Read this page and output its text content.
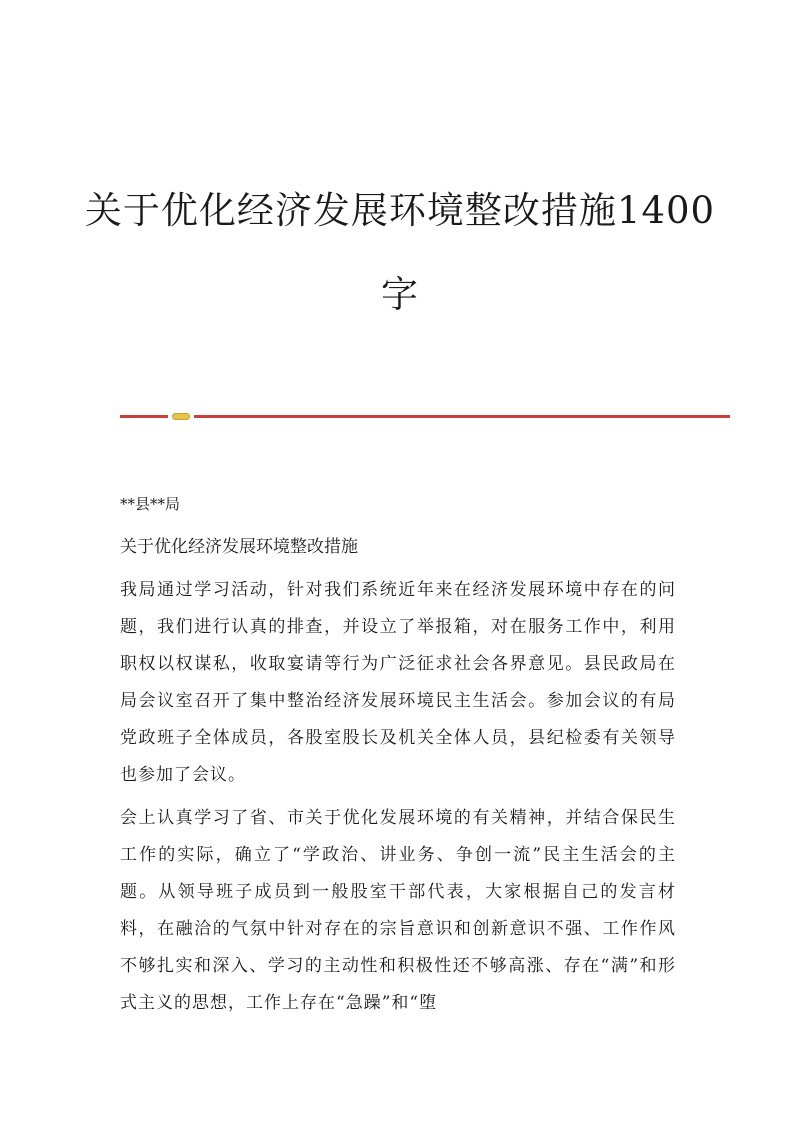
关于优化经济发展环境整改措施1400
字

**县**局

关于优化经济发展环境整改措施

我局通过学习活动，针对我们系统近年来在经济发展环境中存在的问题，我们进行认真的排查，并设立了举报箱，对在服务工作中，利用职权以权谋私，收取宴请等行为广泛征求社会各界意见。县民政局在局会议室召开了集中整治经济发展环境民主生活会。参加会议的有局党政班子全体成员，各股室股长及机关全体人员，县纪检委有关领导也参加了会议。

会上认真学习了省、市关于优化发展环境的有关精神，并结合保民生工作的实际，确立了“学政治、讲业务、争创一流”民主生活会的主题。从领导班子成员到一般股室干部代表，大家根据自己的发言材料，在融洽的气氛中针对存在的宗旨意识和创新意识不强、工作作风不够扎实和深入、学习的主动性和积极性还不够高涨、存在“满”和形式主义的思想，工作上存在“急躁”和“堕
